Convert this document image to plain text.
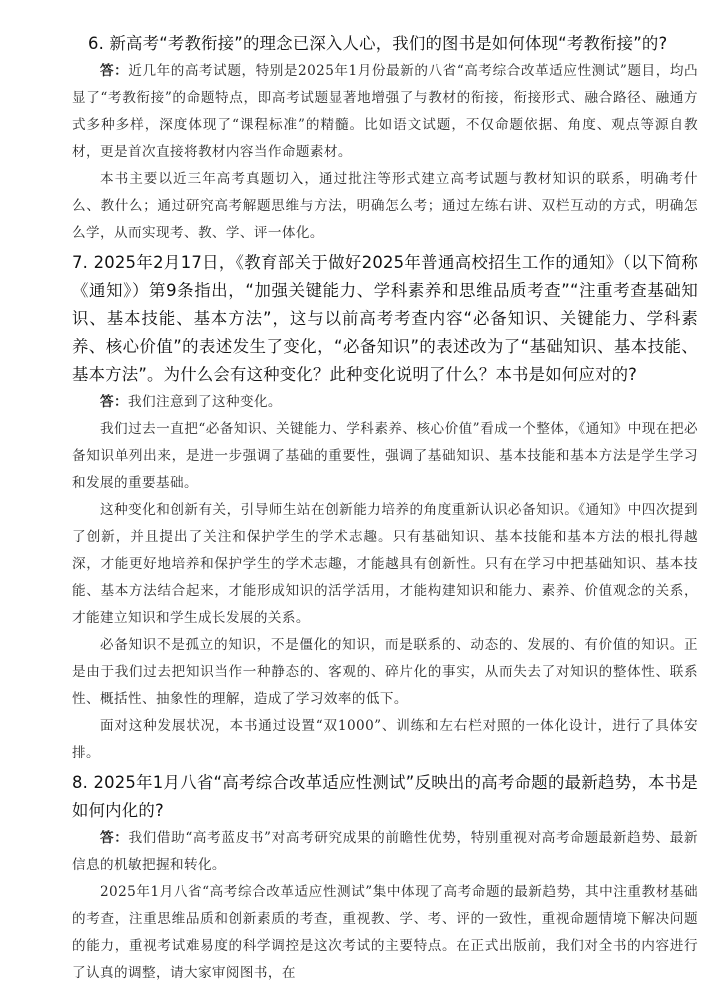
6. 新高考“考教衔接”的理念已深入人心，我们的图书是如何体现“考教衔接”的?

答：近几年的高考试题，特别是2025年1月份最新的八省“高考综合改革适应性测试”题目，均凸显了“考教衔接”的命题特点，即高考试题显著地增强了与教材的衔接，衔接形式、融合路径、融通方式多种多样，深度体现了“课程标准”的精髓。比如语文试题，不仅命题依据、角度、观点等源自教材，更是首次直接将教材内容当作命题素材。

本书主要以近三年高考真题切入，通过批注等形式建立高考试题与教材知识的联系，明确考什么、教什么；通过研究高考解题思维与方法，明确怎么考；通过左练右讲、双栏互动的方式，明确怎么学，从而实现考、教、学、评一体化。

7. 2025年2月17日，《教育部关于做好2025年普通高校招生工作的通知》（以下简称《通知》）第9条指出，“加强关键能力、学科素养和思维品质考查”“注重考查基础知识、基本技能、基本方法”，这与以前高考考查内容“必备知识、关键能力、学科素养、核心价值”的表述发生了变化，“必备知识”的表述改为了“基础知识、基本技能、基本方法”。为什么会有这种变化？此种变化说明了什么？本书是如何应对的?

答：我们注意到了这种变化。

我们过去一直把“必备知识、关键能力、学科素养、核心价值”看成一个整体，《通知》中现在把必备知识单列出来，是进一步强调了基础的重要性，强调了基础知识、基本技能和基本方法是学生学习和发展的重要基础。

这种变化和创新有关，引导师生站在创新能力培养的角度重新认识必备知识。《通知》中四次提到了创新，并且提出了关注和保护学生的学术志趣。只有基础知识、基本技能和基本方法的根扎得越深，才能更好地培养和保护学生的学术志趣，才能越具有创新性。只有在学习中把基础知识、基本技能、基本方法结合起来，才能形成知识的活学活用，才能构建知识和能力、素养、价值观念的关系，才能建立知识和学生成长发展的关系。

必备知识不是孤立的知识，不是僵化的知识，而是联系的、动态的、发展的、有价值的知识。正是由于我们过去把知识当作一种静态的、客观的、碎片化的事实，从而失去了对知识的整体性、联系性、概括性、抽象性的理解，造成了学习效率的低下。

面对这种发展状况，本书通过设置“双1000”、训练和左右栏对照的一体化设计，进行了具体安排。

8. 2025年1月八省“高考综合改革适应性测试”反映出的高考命题的最新趋势，本书是如何内化的?

答：我们借助“高考蓝皮书”对高考研究成果的前瞻性优势，特别重视对高考命题最新趋势、最新信息的机敏把握和转化。

2025年1月八省“高考综合改革适应性测试”集中体现了高考命题的最新趋势，其中注重教材基础的考查，注重思维品质和创新素质的考查，重视教、学、考、评的一致性，重视命题情境下解决问题的能力，重视考试难易度的科学调控是这次考试的主要特点。在正式出版前，我们对全书的内容进行了认真的调整，请大家审阅图书，在
